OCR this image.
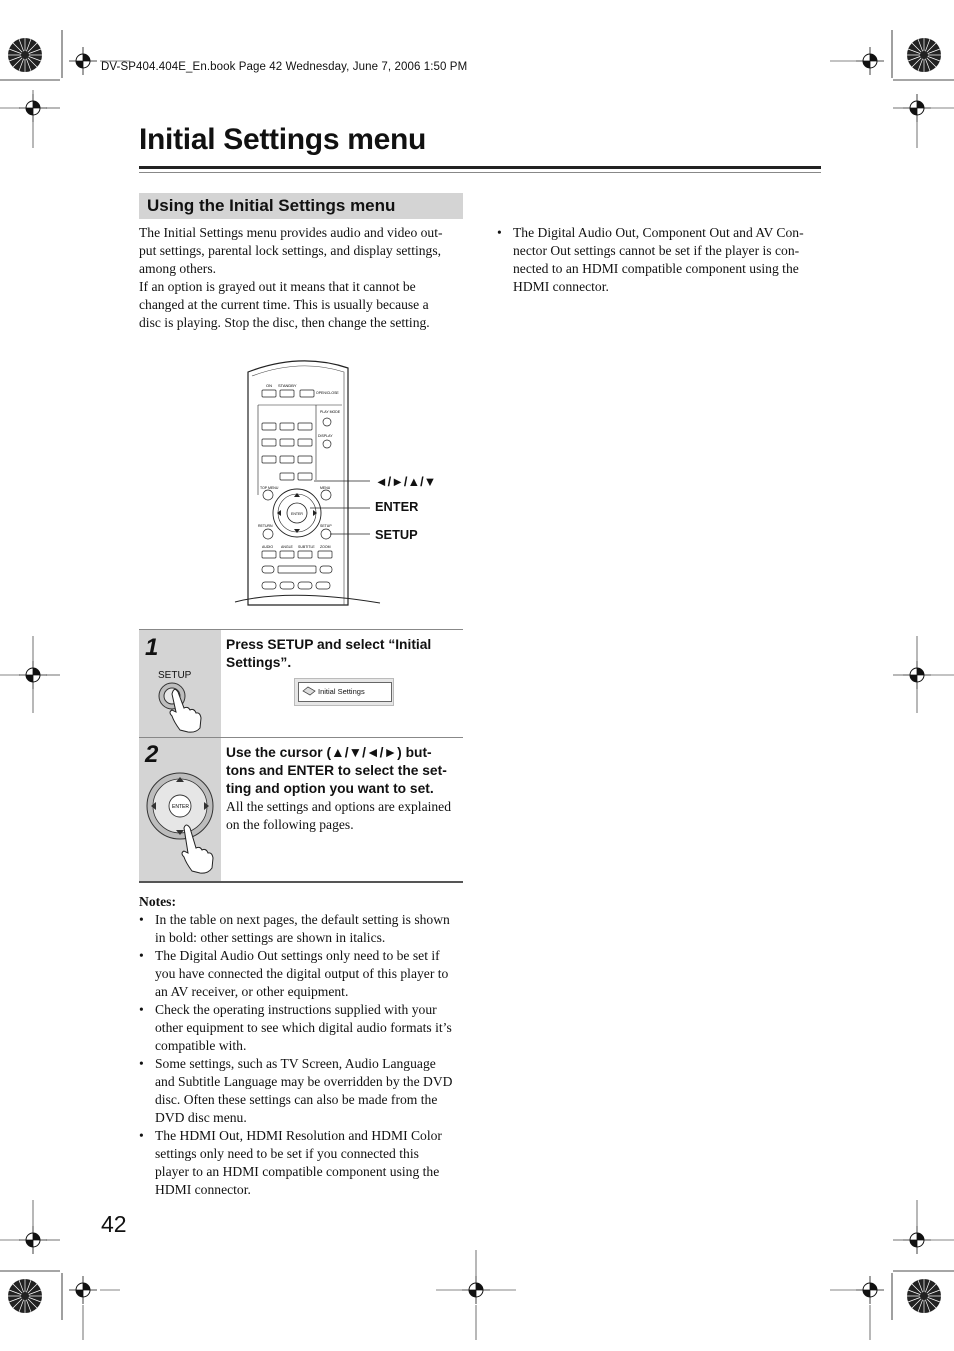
DV-SP404.404E_En.book Page 42 Wednesday, June 7, 2006 1:50 PM
Initial Settings menu
Using the Initial Settings menu
The Initial Settings menu provides audio and video out-
put settings, parental lock settings, and display settings,
among others.
If an option is grayed out it means that it cannot be
changed at the current time. This is usually because a
disc is playing. Stop the disc, then change the setting.
• The Digital Audio Out, Component Out and AV Con-
nector Out settings cannot be set if the player is con-
nected to an HDMI compatible component using the
HDMI connector.
ON STANDBY
OPEN/CLOSE
PLAY MODE
DISPLAY
TOP MENU	MENU
ENTER
RETURN	SETUP
AUDIO ANGLE SUBTITLE ZOOM
◄/►/▲/▼
ENTER
SETUP
1
SETUP
Press SETUP and select “Initial
Settings”.
Initial Settings
2
ENTER
Use the cursor (▲/▼/◄/►) but-
tons and ENTER to select the set-
ting and option you want to set.
All the settings and options are explained
on the following pages.
Notes:
• In the table on next pages, the default setting is shown
in bold: other settings are shown in italics.
• The Digital Audio Out settings only need to be set if
you have connected the digital output of this player to
an AV receiver, or other equipment.
• Check the operating instructions supplied with your
other equipment to see which digital audio formats it’s
compatible with.
• Some settings, such as TV Screen, Audio Language
and Subtitle Language may be overridden by the DVD
disc. Often these settings can also be made from the
DVD disc menu.
• The HDMI Out, HDMI Resolution and HDMI Color
settings only need to be set if you connected this
player to an HDMI compatible component using the
HDMI connector.
42
